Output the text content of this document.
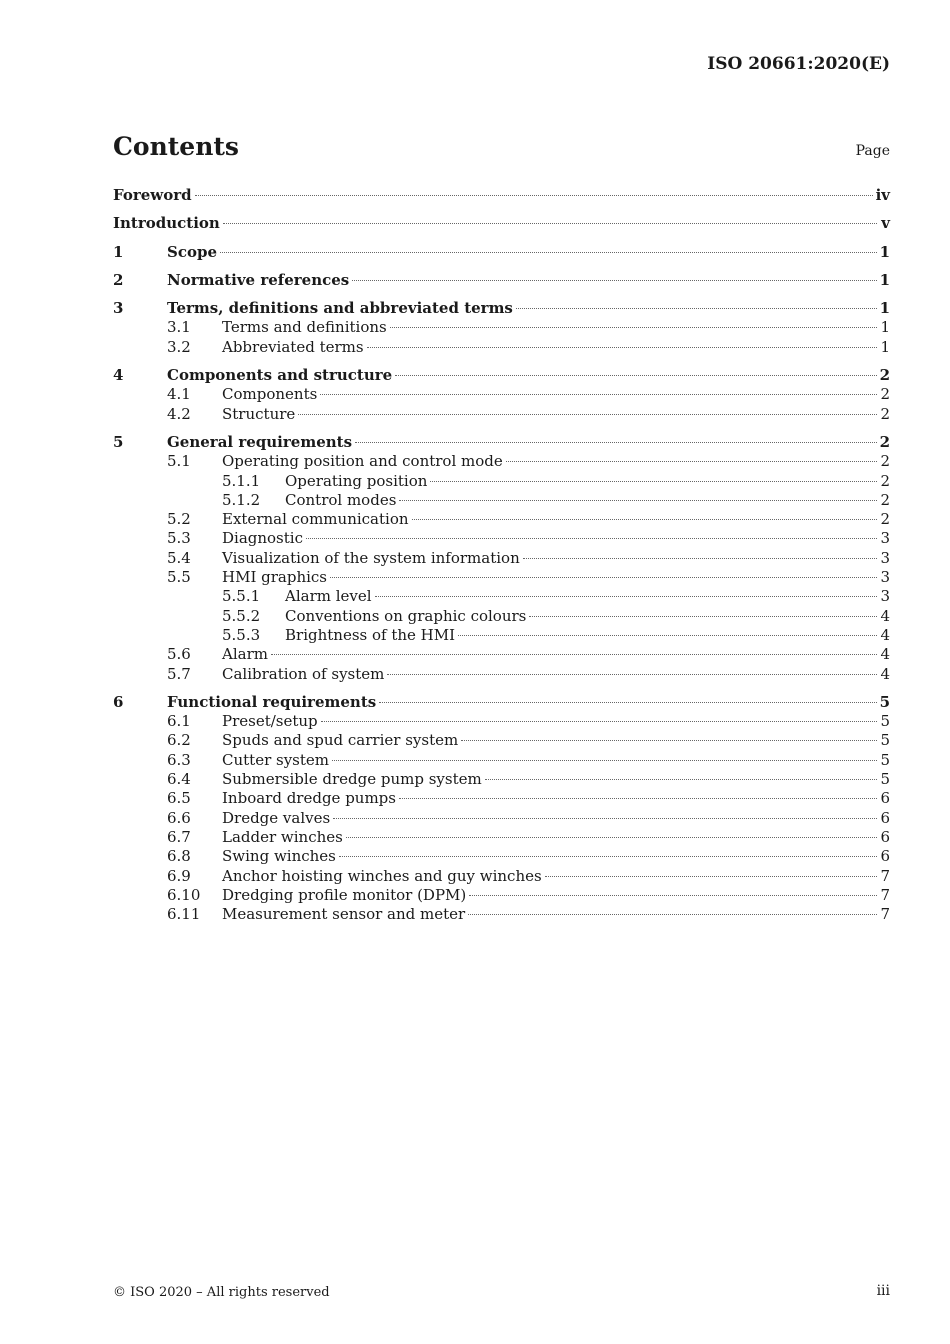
ISO 20661:2020(E)
Contents	Page
Foreword	iv
Introduction	v
1	Scope	1
2	Normative references	1
3	Terms, definitions and abbreviated terms	1
3.1	Terms and definitions	1
3.2	Abbreviated terms	1
4	Components and structure	2
4.1	Components	2
4.2	Structure	2
5	General requirements	2
5.1	Operating position and control mode	2
5.1.1	Operating position	2
5.1.2	Control modes	2
5.2	External communication	2
5.3	Diagnostic	3
5.4	Visualization of the system information	3
5.5	HMI graphics	3
5.5.1	Alarm level	3
5.5.2	Conventions on graphic colours	4
5.5.3	Brightness of the HMI	4
5.6	Alarm	4
5.7	Calibration of system	4
6	Functional requirements	5
6.1	Preset/setup	5
6.2	Spuds and spud carrier system	5
6.3	Cutter system	5
6.4	Submersible dredge pump system	5
6.5	Inboard dredge pumps	6
6.6	Dredge valves	6
6.7	Ladder winches	6
6.8	Swing winches	6
6.9	Anchor hoisting winches and guy winches	7
6.10	Dredging profile monitor (DPM)	7
6.11	Measurement sensor and meter	7
© ISO 2020 – All rights reserved	iii
